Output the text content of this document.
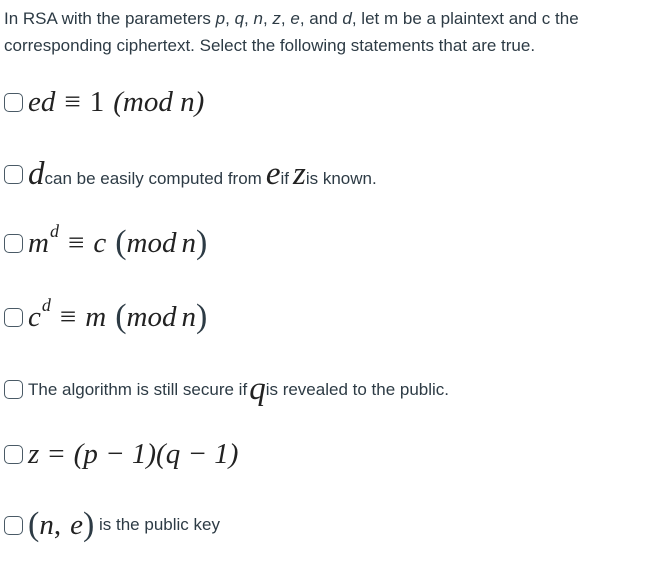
In RSA with the parameters p, q, n, z, e, and d, let m be a plaintext and c the corresponding ciphertext. Select the following statements that are true.
ed ≡ 1 (mod n)
d can be easily computed from e if z is known.
m d ≡ c ( mod n )
c d ≡ m ( mod n )
The algorithm is still secure if q is revealed to the public.
z = (p − 1)(q − 1)
( n , e ) is the public key
